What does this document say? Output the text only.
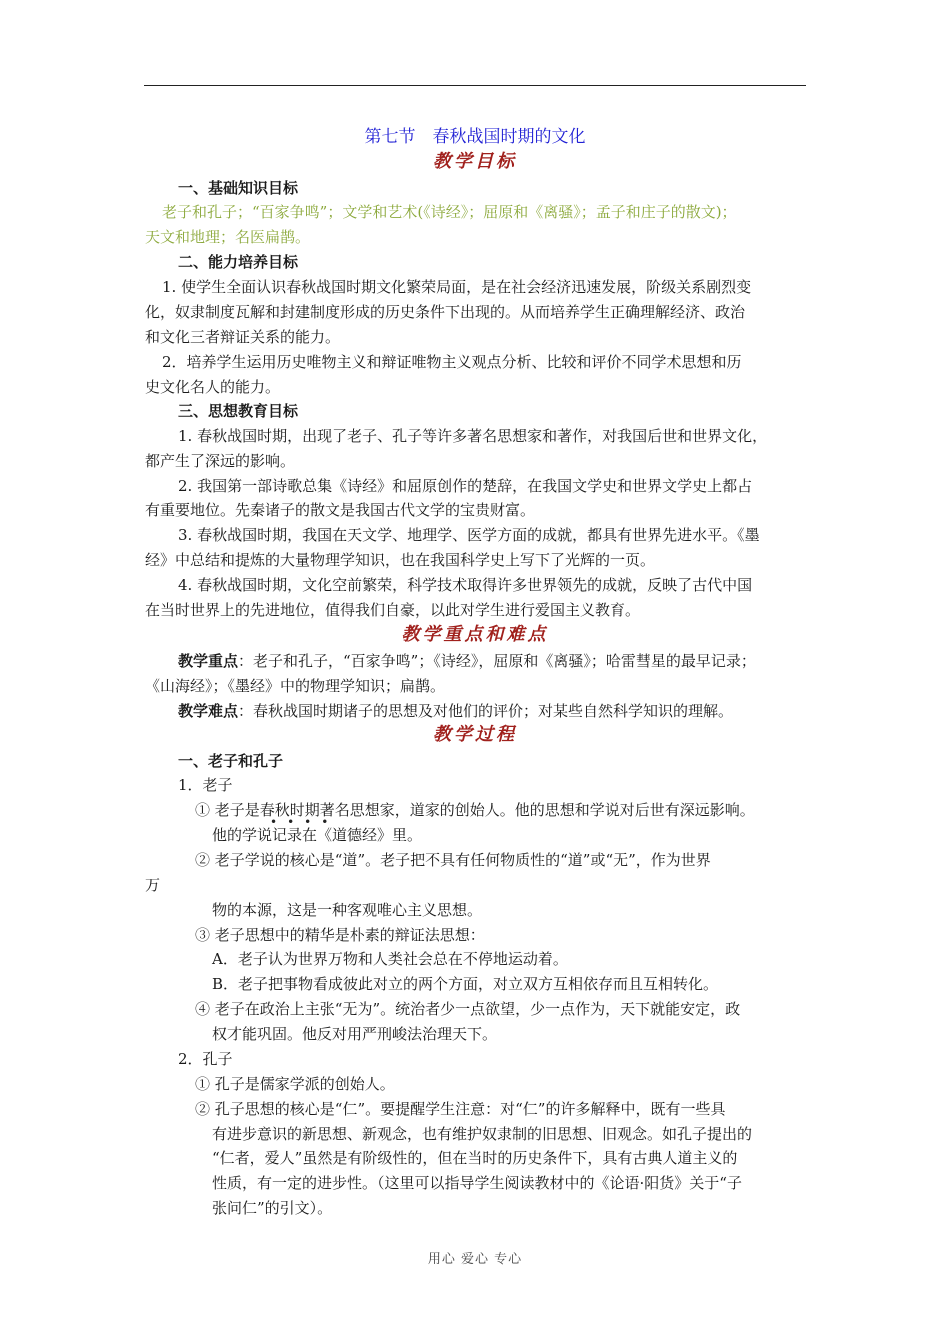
第七节　春秋战国时期的文化
教学目标
一、基础知识目标
老子和孔子；“百家争鸣”；文学和艺术(《诗经》；屈原和《离骚》；孟子和庄子的散文)；
天文和地理；名医扁鹊。
二、能力培养目标
1. 使学生全面认识春秋战国时期文化繁荣局面，是在社会经济迅速发展，阶级关系剧烈变
化，奴隶制度瓦解和封建制度形成的历史条件下出现的。从而培养学生正确理解经济、政治
和文化三者辩证关系的能力。
2．培养学生运用历史唯物主义和辩证唯物主义观点分析、比较和评价不同学术思想和历
史文化名人的能力。
三、思想教育目标
1. 春秋战国时期，出现了老子、孔子等许多著名思想家和著作，对我国后世和世界文化，
都产生了深远的影响。
2. 我国第一部诗歌总集《诗经》和屈原创作的楚辞，在我国文学史和世界文学史上都占
有重要地位。先秦诸子的散文是我国古代文学的宝贵财富。
3. 春秋战国时期，我国在天文学、地理学、医学方面的成就，都具有世界先进水平。《墨
经》中总结和提炼的大量物理学知识，也在我国科学史上写下了光辉的一页。
4. 春秋战国时期，文化空前繁荣，科学技术取得许多世界领先的成就，反映了古代中国
在当时世界上的先进地位，值得我们自豪，以此对学生进行爱国主义教育。
教学重点和难点
教学重点：老子和孔子，“百家争鸣”；《诗经》，屈原和《离骚》；哈雷彗星的最早记录；
《山海经》；《墨经》中的物理学知识；扁鹊。
教学难点：春秋战国时期诸子的思想及对他们的评价；对某些自然科学知识的理解。
教学过程
一、老子和孔子
1．老子
① 老子是春秋时期著名思想家，道家的创始人。他的思想和学说对后世有深远影响。
••••
他的学说记录在《道德经》里。
② 老子学说的核心是“道”。老子把不具有任何物质性的“道”或“无”，作为世界
万
物的本源，这是一种客观唯心主义思想。
③ 老子思想中的精华是朴素的辩证法思想：
A．老子认为世界万物和人类社会总在不停地运动着。
B．老子把事物看成彼此对立的两个方面，对立双方互相依存而且互相转化。
④ 老子在政治上主张“无为”。统治者少一点欲望，少一点作为，天下就能安定，政
权才能巩固。他反对用严刑峻法治理天下。
2．孔子
① 孔子是儒家学派的创始人。
② 孔子思想的核心是“仁”。要提醒学生注意：对“仁”的许多解释中，既有一些具
有进步意识的新思想、新观念，也有维护奴隶制的旧思想、旧观念。如孔子提出的
“仁者，爱人”虽然是有阶级性的，但在当时的历史条件下，具有古典人道主义的
性质，有一定的进步性。（这里可以指导学生阅读教材中的《论语·阳货》关于“子
张问仁”的引文）。
用心 爱心 专心
